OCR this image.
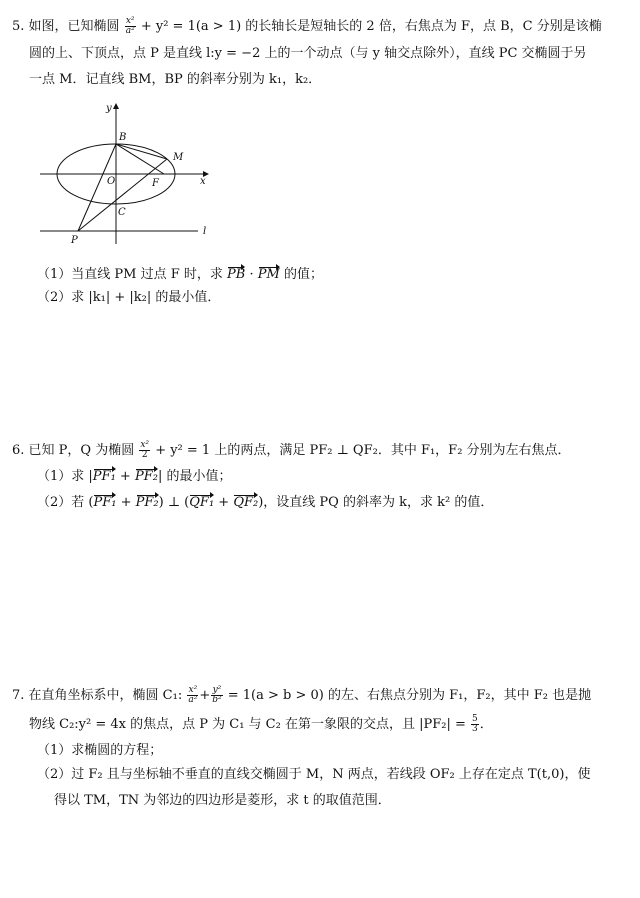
5. 如图，已知椭圆 $\frac{\text{x²}}{\text{a²}} + y^2 = 1(a > 1)$ 的长轴长是短轴长的 2 倍，右焦点为 F，点 B，C 分别是该椭
圆的上、下顶点，点 P 是直线 l:y = −2 上的一个动点（与 y 轴交点除外），直线 PC 交椭圆于另
一点 M．记直线 BM，BP 的斜率分别为 k₁，k₂．
y
x
B
M
O	F
C
P
l
（1）当直线 PM 过点 F 时，求 PB · PM 的值；
（2）求 |k₁| + |k₂| 的最小值．
6. 已知 P，Q 为椭圆 $\frac{\text{x²}}{2} + y^2 = 1$ 上的两点，满足 PF₂ ⊥ QF₂．其中 F₁，F₂ 分别为左右焦点．
（1）求 |PF₁ + PF₂| 的最小值；
（2）若 (PF₁ + PF₂) ⊥ (QF₁ + QF₂)，设直线 PQ 的斜率为 k，求 k² 的值．
7. 在直角坐标系中，椭圆 C₁: $\frac{\text{x²}}{\text{a²}} + \frac{\text{y²}}{\text{b²}} = 1(a > b > 0)$ 的左、右焦点分别为 F₁，F₂，其中 F₂ 也是抛
物线 C₂:y² = 4x 的焦点，点 P 为 C₁ 与 C₂ 在第一象限的交点，且 $|PF_2| = \frac{5}{3}$ ．
（1）求椭圆的方程；
（2）过 F₂ 且与坐标轴不垂直的直线交椭圆于 M，N 两点，若线段 OF₂ 上存在定点 T(t,0)，使
得以 TM，TN 为邻边的四边形是菱形，求 t 的取值范围．
